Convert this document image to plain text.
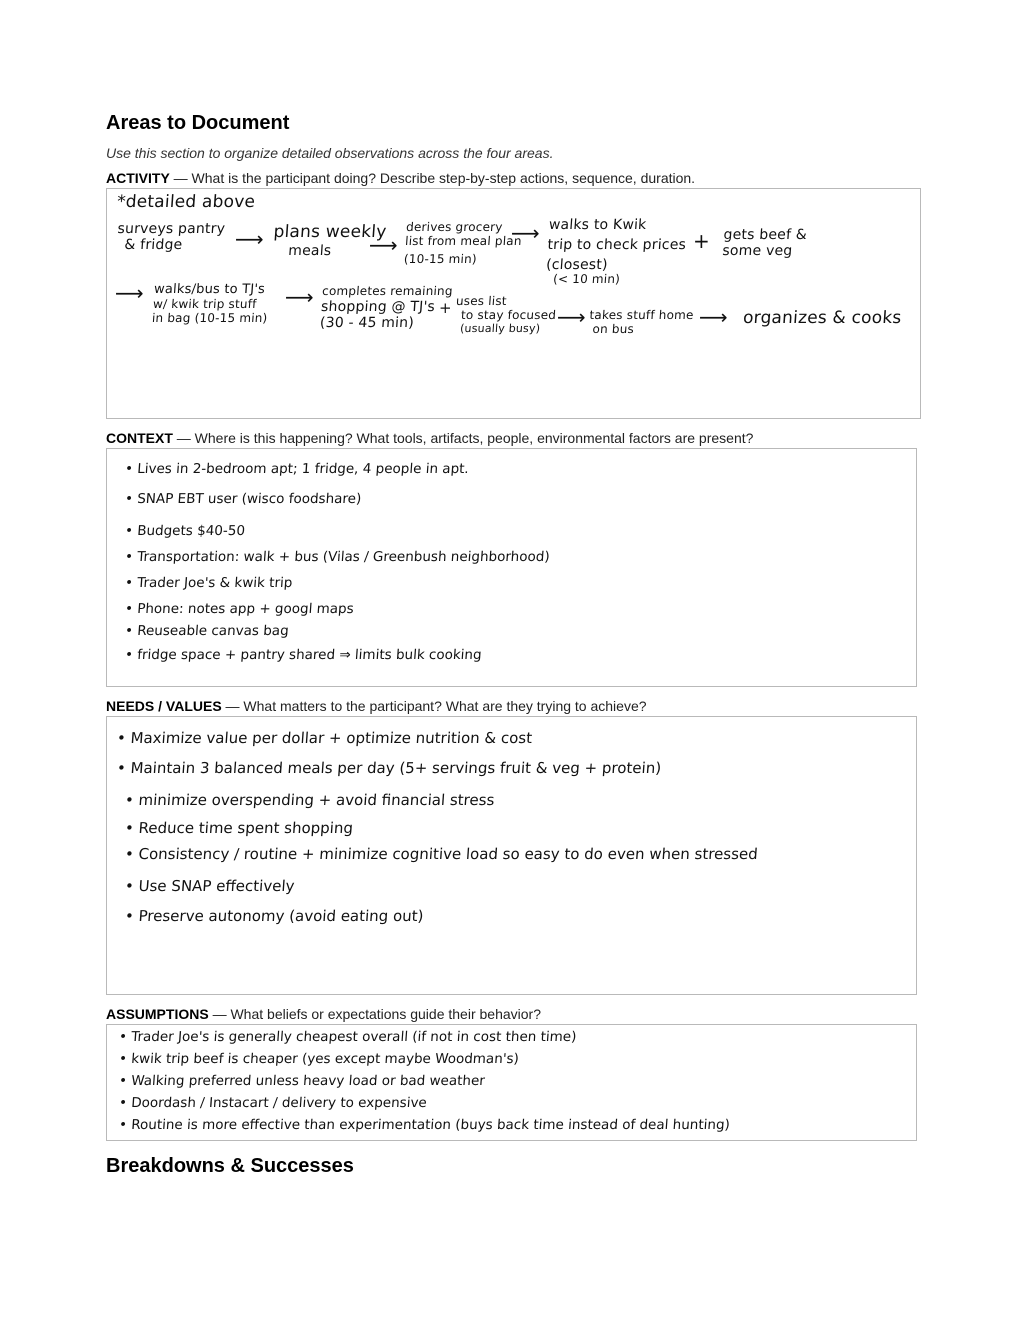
Areas to Document
Use this section to organize detailed observations across the four areas.
ACTIVITY — What is the participant doing? Describe step-by-step actions, sequence, duration.
*detailed above
surveys pantry
& fridge	⟶ plans weekly
meals	⟶
derives grocery
list from meal plan
(10-15 min)
⟶ walks to Kwik
trip to check prices
(closest)
(< 10 min)
+ gets beef &
some veg
⟶ walks/bus to TJ's
w/ kwik trip stuff
in bag (10-15 min)
⟶ completes remaining
shopping @ TJ's
(30 - 45 min)
+ uses list
to stay focused
(usually busy) ⟶ takes stuff home
on bus	⟶ organizes & cooks
CONTEXT — Where is this happening? What tools, artifacts, people, environmental factors are present?
• Lives in 2-bedroom apt; 1 fridge, 4 people in apt.
• SNAP EBT user (wisco foodshare)
• Budgets $40-50
• Transportation: walk + bus (Vilas / Greenbush neighborhood)
• Trader Joe's & kwik trip
• Phone: notes app + googl maps
• Reuseable canvas bag
• fridge space + pantry shared ⇒ limits bulk cooking
NEEDS / VALUES — What matters to the participant? What are they trying to achieve?
• Maximize value per dollar + optimize nutrition & cost
• Maintain 3 balanced meals per day (5+ servings fruit & veg + protein)
• minimize overspending + avoid financial stress
• Reduce time spent shopping
• Consistency / routine + minimize cognitive load so easy to do even when stressed
• Use SNAP effectively
• Preserve autonomy (avoid eating out)
ASSUMPTIONS — What beliefs or expectations guide their behavior?
• Trader Joe's is generally cheapest overall (if not in cost then time)
• kwik trip beef is cheaper (yes except maybe Woodman's)
• Walking preferred unless heavy load or bad weather
• Doordash / Instacart / delivery to expensive
• Routine is more effective than experimentation (buys back time instead of deal hunting)
Breakdowns & Successes
